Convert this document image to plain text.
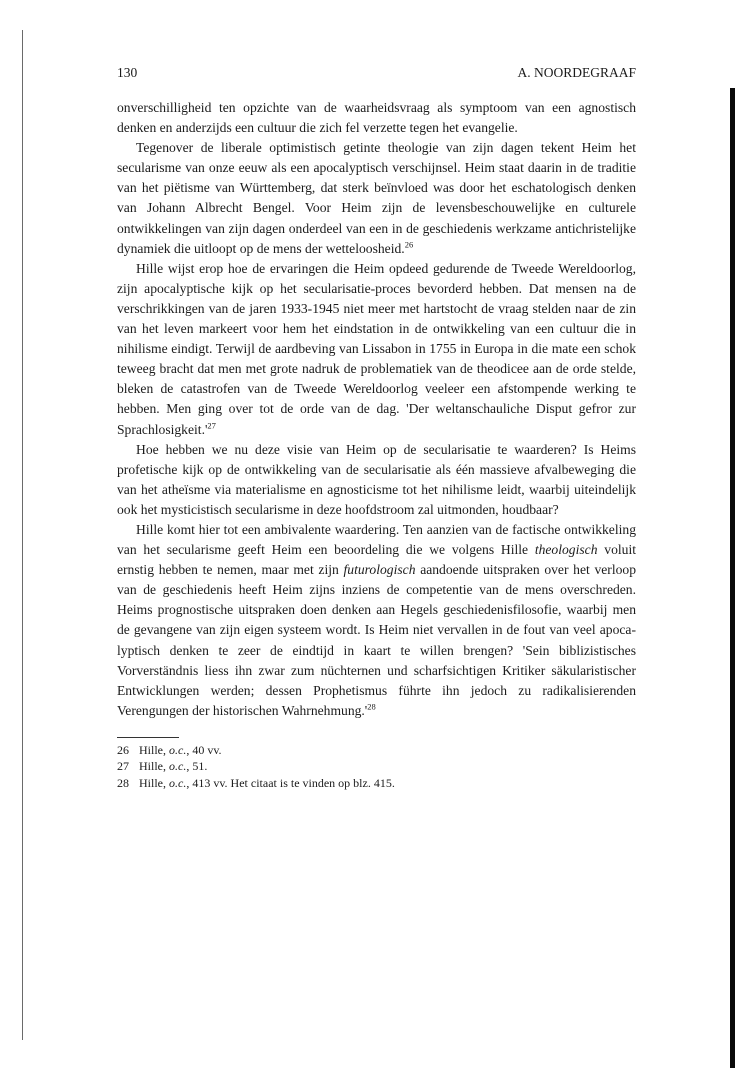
130	A. NOORDEGRAAF

onverschilligheid ten opzichte van de waarheidsvraag als symptoom van een agnostisch denken en anderzijds een cultuur die zich fel verzette tegen het evangelie.

Tegenover de liberale optimistisch getinte theologie van zijn dagen tekent Heim het secularisme van onze eeuw als een apocalyptisch verschijnsel. Heim staat daarin in de traditie van het piëtisme van Württemberg, dat sterk beïnvloed was door het eschatologisch denken van Johann Albrecht Bengel. Voor Heim zijn de levensbeschouwelijke en culturele ontwikkelingen van zijn dagen onderdeel van een in de geschiedenis werkzame antichristelijke dynamiek die uitloopt op de mens der wetteloosheid.$^{26}$

Hille wijst erop hoe de ervaringen die Heim opdeed gedurende de Tweede Wereldoorlog, zijn apocalyptische kijk op het secularisatie-proces bevorderd hebben. Dat mensen na de verschrikkingen van de jaren 1933-1945 niet meer met hartstocht de vraag stelden naar de zin van het leven markeert voor hem het eindstation in de ontwikkeling van een cultuur die in nihilisme eindigt. Terwijl de aardbeving van Lissabon in 1755 in Europa in die mate een schok teweeg bracht dat men met grote nadruk de problematiek van de theodicee aan de orde stelde, bleken de catastrofen van de Tweede Wereldoorlog veeleer een afstompende werking te hebben. Men ging over tot de orde van de dag. 'Der weltanschauliche Disput gefror zur Sprachlosigkeit.'$^{27}$

Hoe hebben we nu deze visie van Heim op de secularisatie te waarderen? Is Heims profetische kijk op de ontwikkeling van de secularisatie als één massieve afvalbeweging die van het atheïsme via materialisme en agnosticisme tot het nihilisme leidt, waarbij uiteindelijk ook het mysticistisch secularisme in deze hoofdstroom zal uitmonden, houdbaar?

Hille komt hier tot een ambivalente waardering. Ten aanzien van de factische ontwikkeling van het secularisme geeft Heim een beoordeling die we volgens Hille theologisch voluit ernstig hebben te nemen, maar met zijn futurologisch aandoende uitspraken over het verloop van de geschiedenis heeft Heim zijns inziens de competentie van de mens overschreden. Heims prognostische uitspraken doen denken aan Hegels geschiedenisfilosofie, waarbij men de gevangene van zijn eigen systeem wordt. Is Heim niet vervallen in de fout van veel apocalyptisch denken te zeer de eindtijd in kaart te willen brengen? 'Sein biblizistisches Vorverständnis liess ihn zwar zum nüchternen und scharfsichtigen Kritiker säkularistischer Entwicklungen werden; dessen Prophetismus führte ihn jedoch zu radikalisierenden Verengungen der historischen Wahrnehmung.'$^{28}$

26 Hille, o.c., 40 vv.
27 Hille, o.c., 51.
28 Hille, o.c., 413 vv. Het citaat is te vinden op blz. 415.
